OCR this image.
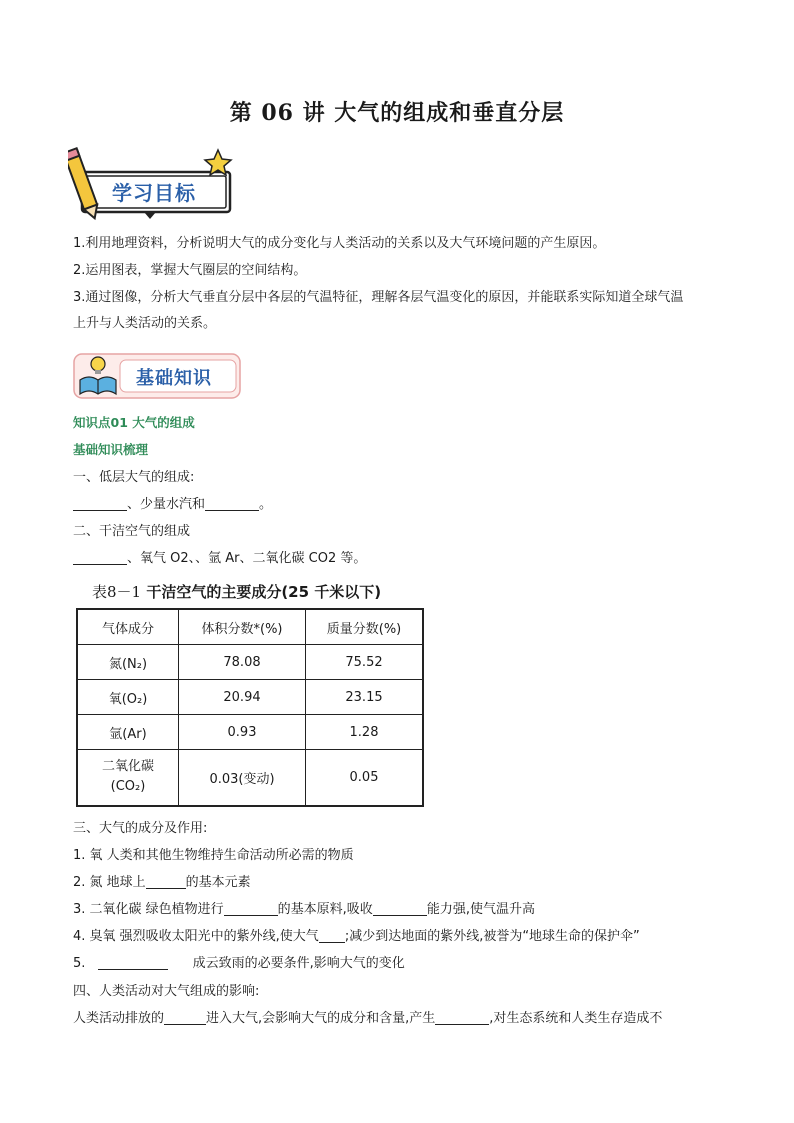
第 06 讲 大气的组成和垂直分层
学习目标
1.利用地理资料，分析说明大气的成分变化与人类活动的关系以及大气环境问题的产生原因。
2.运用图表，掌握大气圈层的空间结构。
3.通过图像，分析大气垂直分层中各层的气温特征，理解各层气温变化的原因，并能联系实际知道全球气温
上升与人类活动的关系。
基础知识
知识点01 大气的组成
基础知识梳理
一、低层大气的组成:
、少量水汽和	。
二、干洁空气的组成
、氧气 O2、、氩 Ar、二氧化碳 CO2 等。
表8－1 干洁空气的主要成分(25 千米以下)
气体成分	体积分数*(%)	质量分数(%)
氮(N₂)	78.08	75.52
氧(O₂)	20.94	23.15
氩(Ar)	0.93	1.28

二氧化碳
(CO₂)	0.03(变动)	0.05
三、大气的成分及作用:
1. 氧 人类和其他生物维持生命活动所必需的物质
2. 氮 地球上	的基本元素
3. 二氧化碳 绿色植物进行	的基本原料,吸收	能力强,使气温升高
4. 臭氧 强烈吸收太阳光中的紫外线,使大气 ;减少到达地面的紫外线,被誉为“地球生命的保护伞”
5.	成云致雨的必要条件,影响大气的变化
四、人类活动对大气组成的影响:
人类活动排放的	进入大气,会影响大气的成分和含量,产生	,对生态系统和人类生存造成不
